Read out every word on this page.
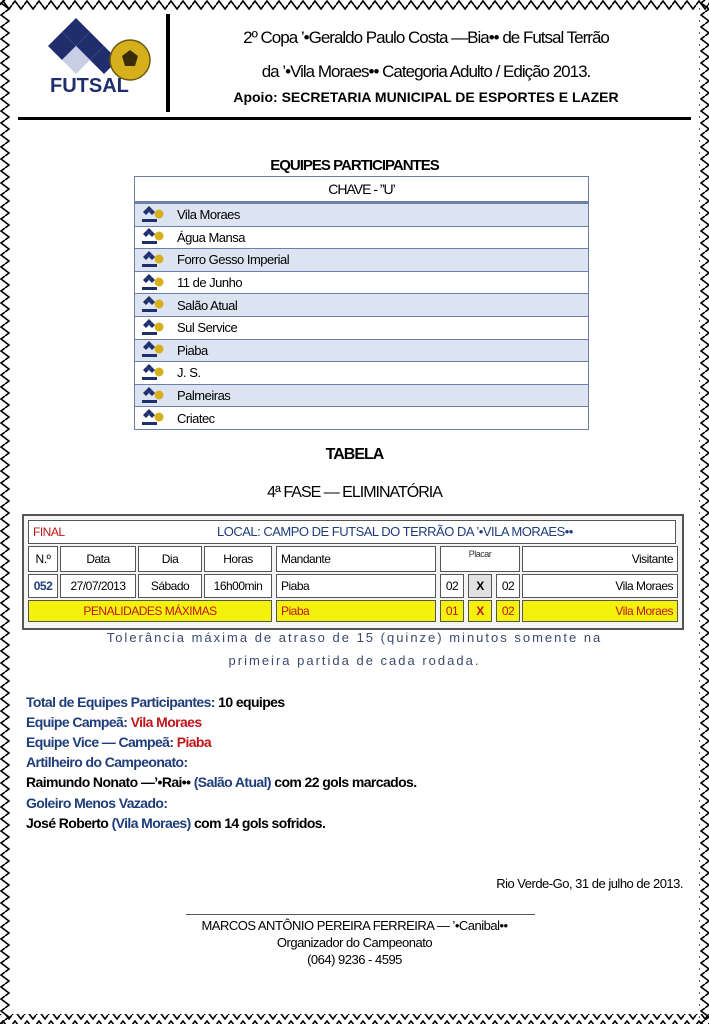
FUTSAL
2º Copa ’•Geraldo Paulo Costa —Bia•• de Futsal Terrão
da ’•Vila Moraes•• Categoria Adulto / Edição 2013.
Apoio: SECRETARIA MUNICIPAL DE ESPORTES E LAZER
EQUIPES PARTICIPANTES
CHAVE - ”U’
Vila Moraes
Água Mansa
Forro Gesso Imperial
11 de Junho
Salão Atual
Sul Service
Piaba
J. S.
Palmeiras
Criatec
TABELA
4ª FASE — ELIMINATÓRIA
FINAL	LOCAL: CAMPO DE FUTSAL DO TERRÃO DA ’•VILA MORAES••
N.º	Data	Dia	Horas	Mandante	Placar	Visitante
052	27/07/2013	Sábado	16h00min	Piaba	02	X	02	Vila Moraes
PENALIDADES MÁXIMAS	Piaba	01	X	02	Vila Moraes
Tolerância máxima de atraso de 15 (quinze) minutos somente na
primeira partida de cada rodada.
Total de Equipes Participantes: 10 equipes
Equipe Campeã: Vila Moraes
Equipe Vice — Campeã: Piaba
Artilheiro do Campeonato:
Raimundo Nonato —’•Rai•• (Salão Atual) com 22 gols marcados.
Goleiro Menos Vazado:
José Roberto (Vila Moraes) com 14 gols sofridos.
Rio Verde-Go, 31 de julho de 2013.
MARCOS ANTÔNIO PEREIRA FERREIRA — ’•Canibal••
Organizador do Campeonato
(064) 9236 - 4595
